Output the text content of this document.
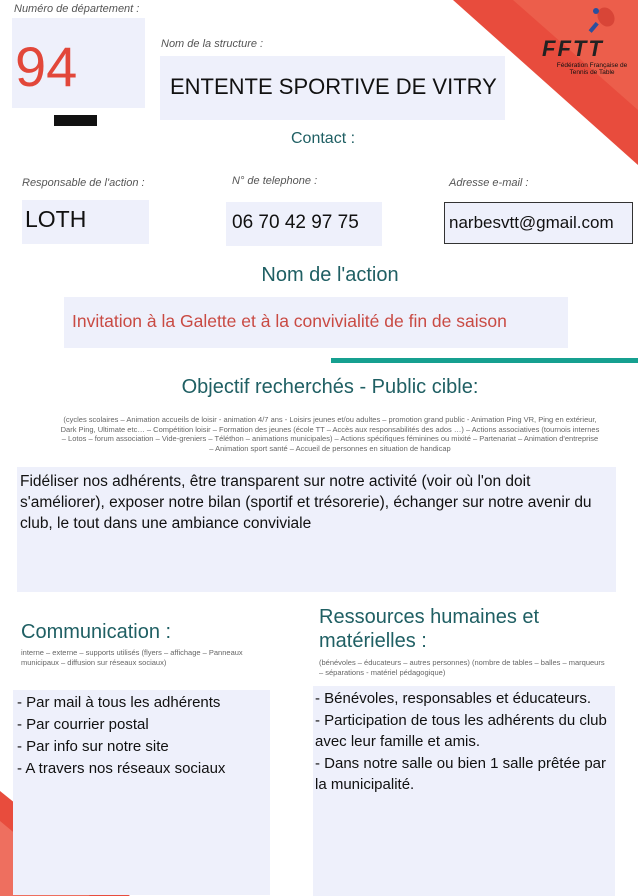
FFTT
Fédération Française de Tennis de Table
Numéro de département :
94	Nom de la structure :
ENTENTE SPORTIVE DE VITRY
Contact :
Responsable de l'action :	N° de telephone :	Adresse e-mail :
LOTH	06 70 42 97 75	narbesvtt@gmail.com
Nom de l'action
Invitation à la Galette et à la convivialité de fin de saison
Objectif recherchés - Public cible:
(cycles scolaires – Animation accueils de loisir - animation 4/7 ans - Loisirs jeunes et/ou adultes – promotion grand public - Animation Ping VR, Ping en extérieur, Dark Ping, Ultimate etc… – Compétition loisir – Formation des jeunes (école TT – Accès aux responsabilités des ados …) – Actions associatives (tournois internes – Lotos – forum association – Vide-greniers – Téléthon – animations municipales) – Actions spécifiques féminines ou mixité – Partenariat – Animation d'entreprise – Animation sport santé – Accueil de personnes en situation de handicap
Fidéliser nos adhérents, être transparent sur notre activité (voir où l'on doit s'améliorer), exposer notre bilan (sportif et trésorerie), échanger sur notre avenir du club, le tout dans une ambiance conviviale
Communication :
interne – externe – supports utilisés (flyers – affichage – Panneaux municipaux – diffusion sur réseaux sociaux)
- Par mail à tous les adhérents
- Par courrier postal
- Par info sur notre site
- A travers nos réseaux sociaux
Ressources humaines et matérielles :
(bénévoles – éducateurs – autres personnes) (nombre de tables – balles – marqueurs – séparations - matériel pédagogique)
- Bénévoles, responsables et éducateurs.
- Participation de tous les adhérents du club avec leur famille et amis.
- Dans notre salle ou bien 1 salle prêtée par la municipalité.
